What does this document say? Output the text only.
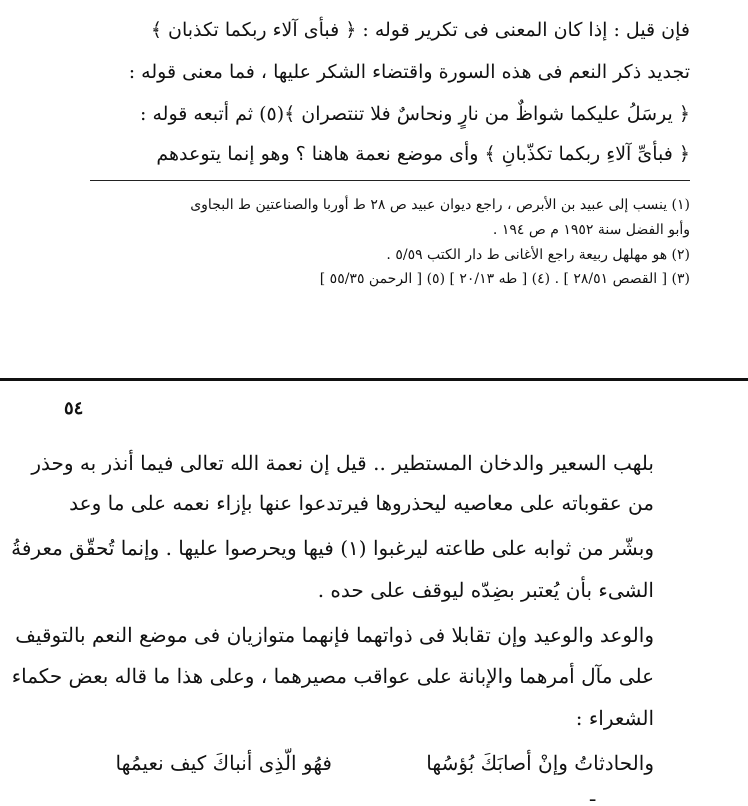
فإن قيل : إذا كان المعنى فى تكرير قوله : ﴿ فبأى آلاء ربكما تكذبان ﴾
تجديد ذكر النعم فى هذه السورة واقتضاء الشكر عليها ، فما معنى قوله :
﴿ يرسَلُ عليكما شواظٌ من نارٍ ونحاسٌ فلا تنتصران ﴾(٥) ثم أتبعه قوله :
﴿ فبأىِّ آلاءِ ربكما تكذّبانِ ﴾ وأى موضع نعمة هاهنا ؟ وهو إنما يتوعدهم
(١) ينسب إلى عبيد بن الأبرص ، راجع ديوان عبيد ص ٢٨ ط أوربا والصناعتين ط البجاوى
وأبو الفضل سنة ١٩٥٢ م ص ١٩٤ .
(٢) هو مهلهل ربيعة راجع الأغانى ط دار الكتب ٥/٥٩ .
(٣) [ القصص ٢٨/٥١ ] . (٤) [ طه ٢٠/١٣ ] (٥) [ الرحمن ٥٥/٣٥ ]
٥٤
بلهب السعير والدخان المستطير .. قيل إن نعمة الله تعالى فيما أنذر به وحذر
من عقوباته على معاصيه ليحذروها فيرتدعوا عنها بإزاء نعمه على ما وعد
وبشّر من ثوابه على طاعته ليرغبوا (١) فيها ويحرصوا عليها . وإنما تُحقّق معرفةُ
الشىء بأن يُعتبر بضِدّه ليوقف على حده .
والوعد والوعيد وإن تقابلا فى ذواتهما فإنهما متوازيان فى موضع النعم بالتوقيف
على مآل أمرهما والإبانة على عواقب مصيرهما ، وعلى هذا ما قاله بعض حكماء
الشعراء :
والحادثاتُ وإنْ أصابَكَ بُؤسُها
فهُو الّذِى أنباكَ كيف نعيمُها
ـ
